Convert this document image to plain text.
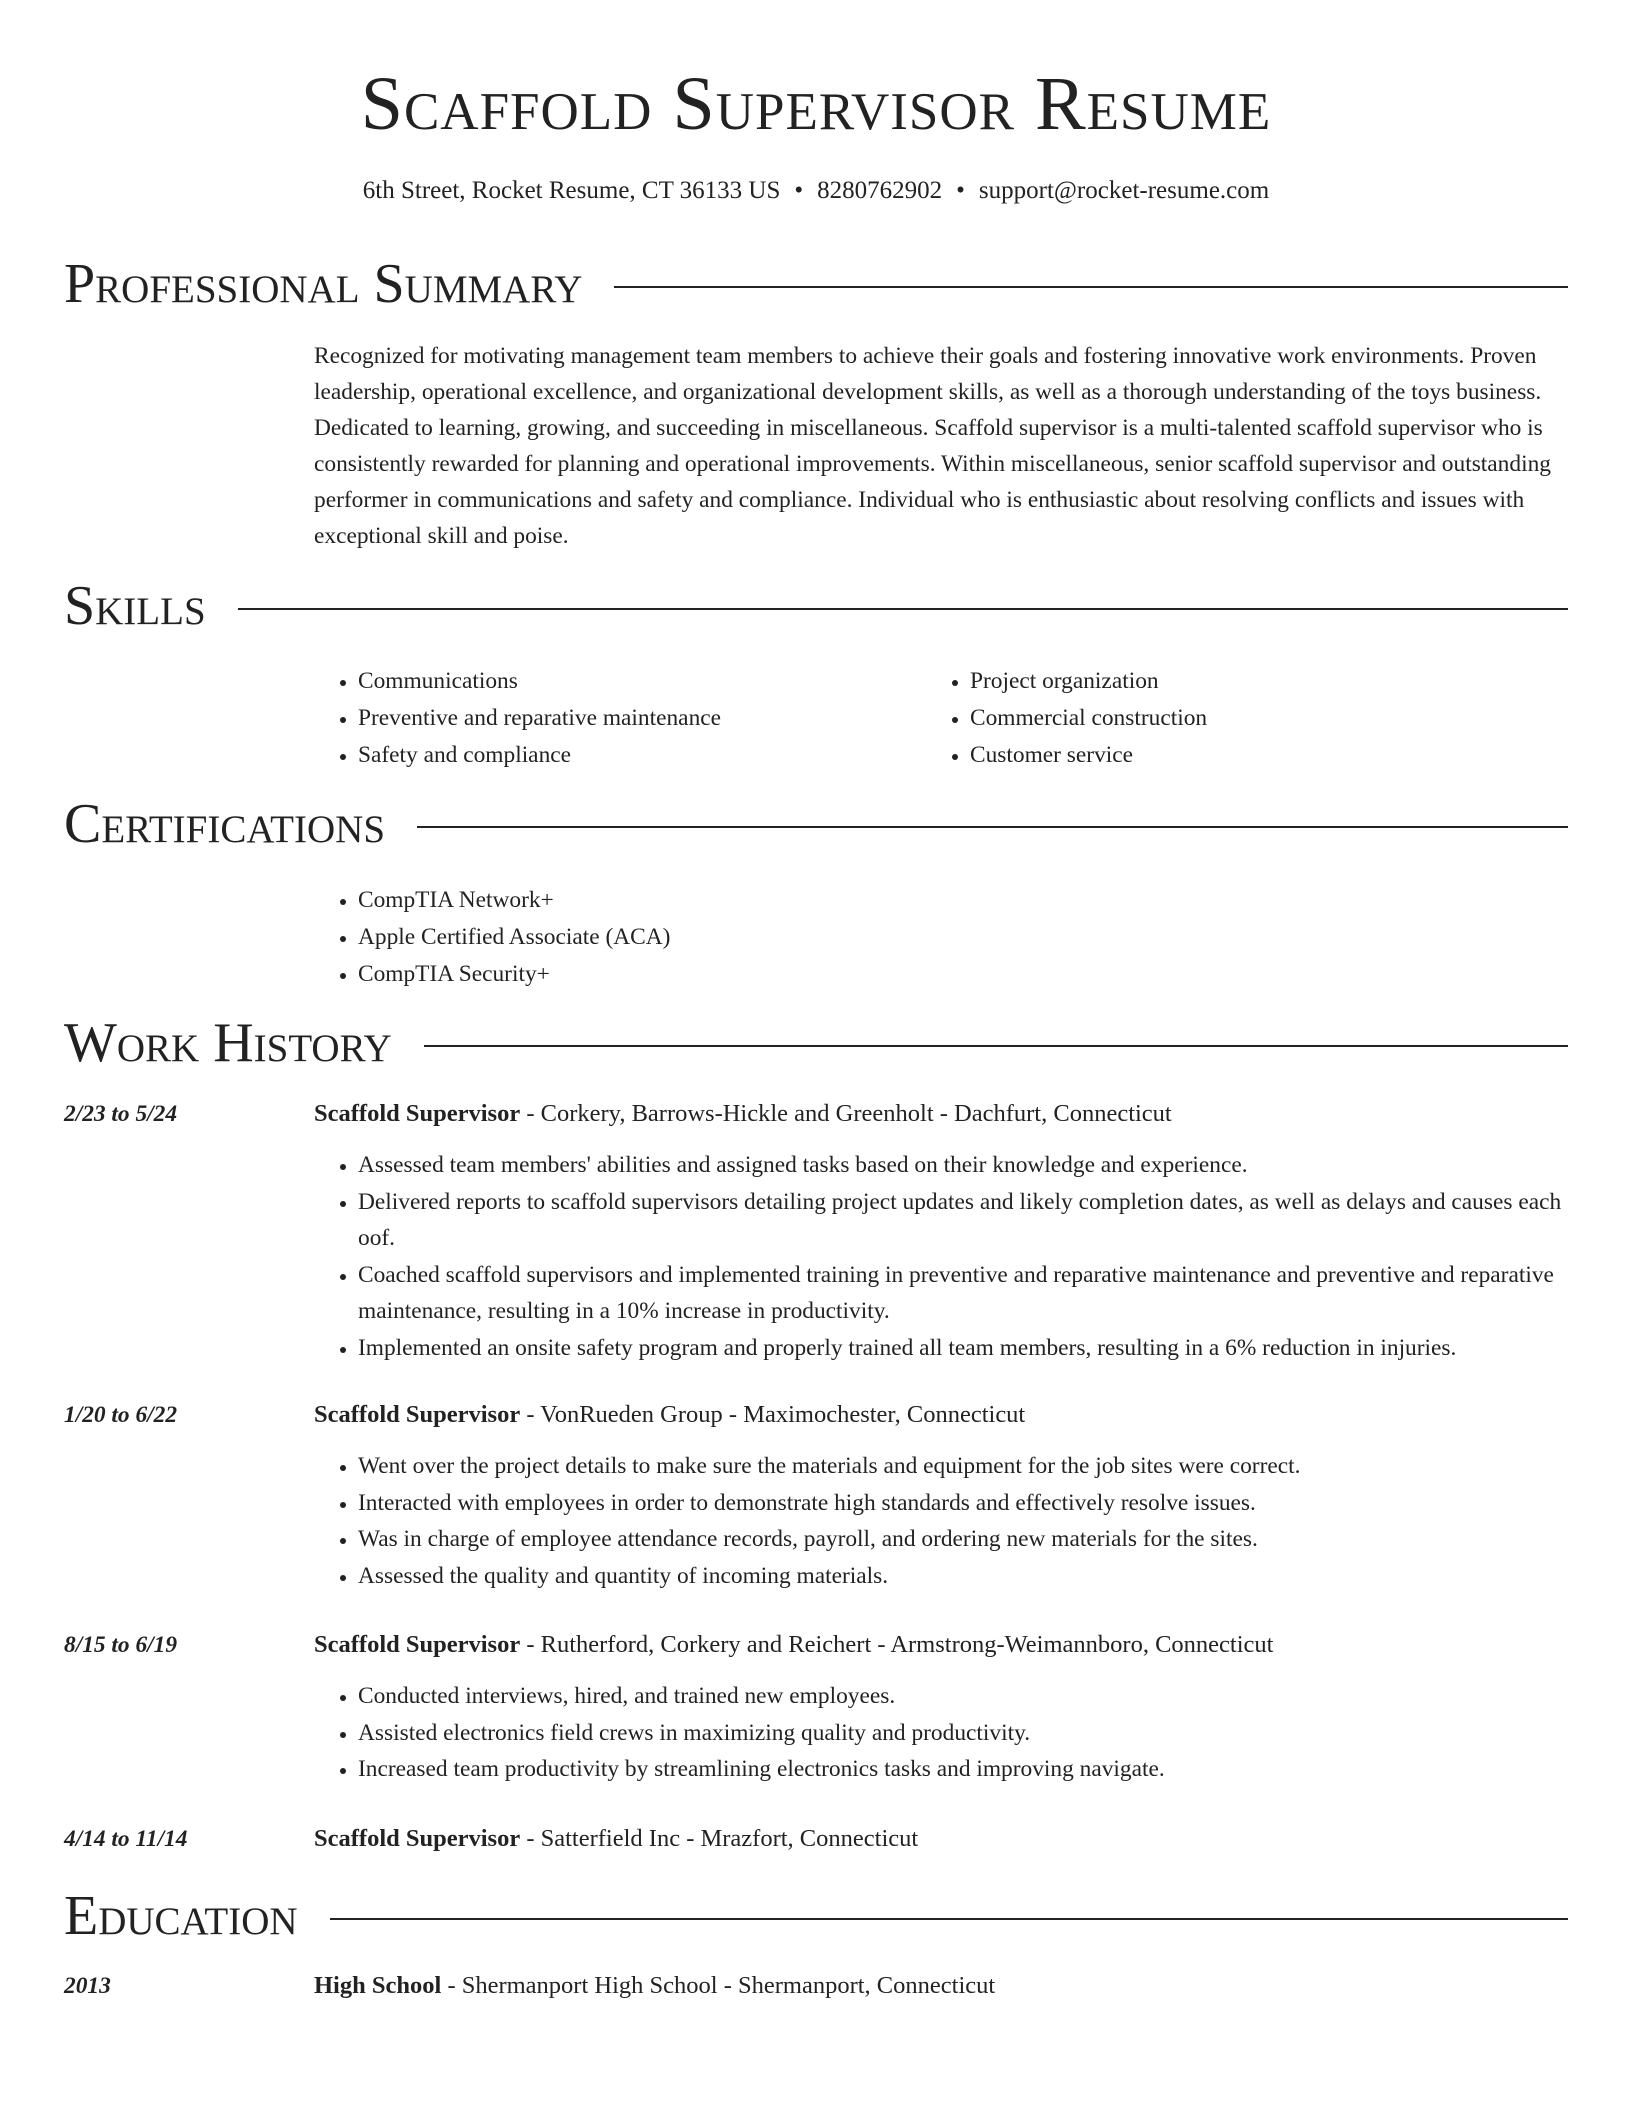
Scaffold Supervisor Resume
6th Street, Rocket Resume, CT 36133 US • 8280762902 • support@rocket-resume.com
Professional Summary
Recognized for motivating management team members to achieve their goals and fostering innovative work environments. Proven leadership, operational excellence, and organizational development skills, as well as a thorough understanding of the toys business. Dedicated to learning, growing, and succeeding in miscellaneous. Scaffold supervisor is a multi-talented scaffold supervisor who is consistently rewarded for planning and operational improvements. Within miscellaneous, senior scaffold supervisor and outstanding performer in communications and safety and compliance. Individual who is enthusiastic about resolving conflicts and issues with exceptional skill and poise.
Skills
• Communications
• Preventive and reparative maintenance
• Safety and compliance
• Project organization
• Commercial construction
• Customer service
Certifications
• CompTIA Network+
• Apple Certified Associate (ACA)
• CompTIA Security+
Work History
2/23 to 5/24	Scaffold Supervisor - Corkery, Barrows-Hickle and Greenholt - Dachfurt, Connecticut
• Assessed team members' abilities and assigned tasks based on their knowledge and experience.
• Delivered reports to scaffold supervisors detailing project updates and likely completion dates, as well as delays and causes each oof.
• Coached scaffold supervisors and implemented training in preventive and reparative maintenance and preventive and reparative maintenance, resulting in a 10% increase in productivity.
• Implemented an onsite safety program and properly trained all team members, resulting in a 6% reduction in injuries.
1/20 to 6/22	Scaffold Supervisor - VonRueden Group - Maximochester, Connecticut
• Went over the project details to make sure the materials and equipment for the job sites were correct.
• Interacted with employees in order to demonstrate high standards and effectively resolve issues.
• Was in charge of employee attendance records, payroll, and ordering new materials for the sites.
• Assessed the quality and quantity of incoming materials.
8/15 to 6/19	Scaffold Supervisor - Rutherford, Corkery and Reichert - Armstrong-Weimannboro, Connecticut
• Conducted interviews, hired, and trained new employees.
• Assisted electronics field crews in maximizing quality and productivity.
• Increased team productivity by streamlining electronics tasks and improving navigate.
4/14 to 11/14	Scaffold Supervisor - Satterfield Inc - Mrazfort, Connecticut
Education
2013	High School - Shermanport High School - Shermanport, Connecticut
